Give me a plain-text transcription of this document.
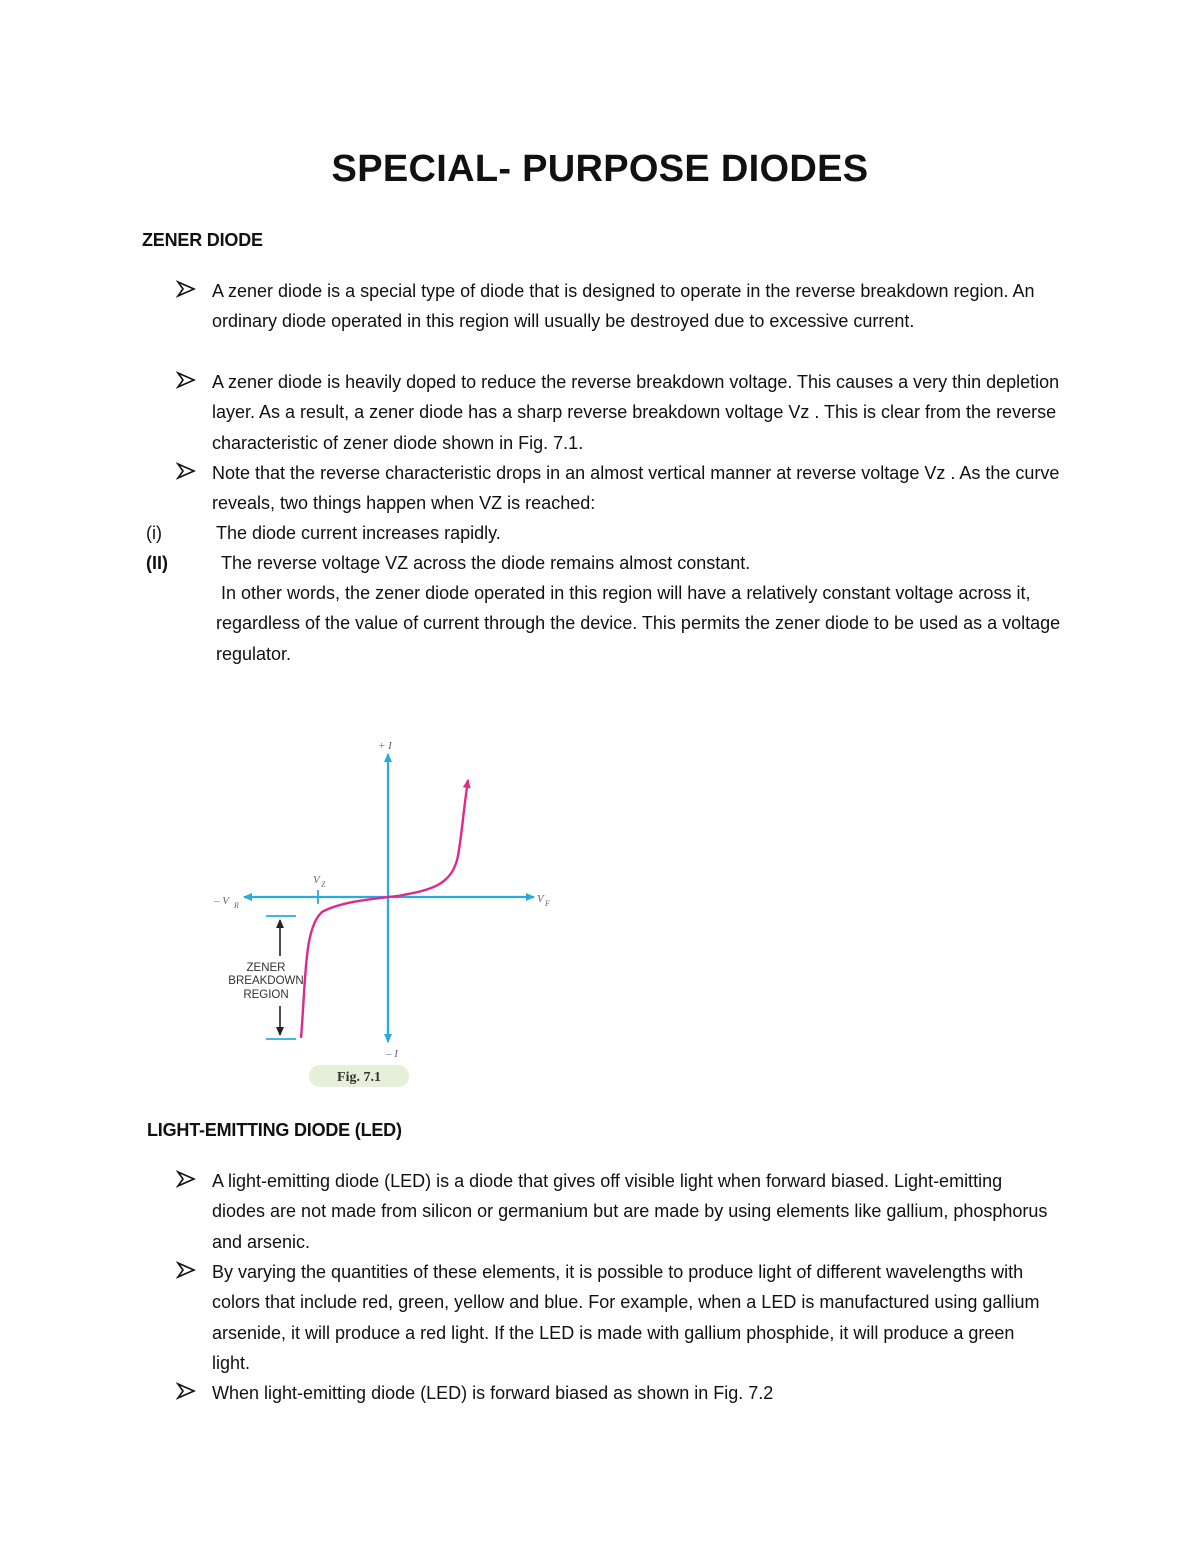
SPECIAL- PURPOSE DIODES
ZENER DIODE
A zener diode is a special type of diode that is designed to operate in the reverse breakdown region. An ordinary diode operated in this region will usually be destroyed due to excessive current.
A zener diode is heavily doped to reduce the reverse breakdown voltage. This causes a very thin depletion layer. As a result, a zener diode has a sharp reverse breakdown voltage Vᴢ . This is clear from the reverse characteristic of zener diode shown in Fig. 7.1.
Note that the reverse characteristic drops in an almost vertical manner at reverse voltage Vᴢ . As the curve reveals, two things happen when VZ is reached:
(i)	The diode current increases rapidly.
(II)	The reverse voltage VZ across the diode remains almost constant.
In other words, the zener diode operated in this region will have a relatively constant voltage across it, regardless of the value of current through the device. This permits the zener diode to be used as a voltage regulator.
ZENER
BREAKDOWN
REGION
+ I
– I
– V R
V F
V Z
Fig. 7.1
LIGHT-EMITTING DIODE (LED)
A light-emitting diode (LED) is a diode that gives off visible light when forward biased. Light-emitting diodes are not made from silicon or germanium but are made by using elements like gallium, phosphorus and arsenic.
By varying the quantities of these elements, it is possible to produce light of different wavelengths with colors that include red, green, yellow and blue. For example, when a LED is manufactured using gallium arsenide, it will produce a red light. If the LED is made with gallium phosphide, it will produce a green light.
When light-emitting diode (LED) is forward biased as shown in Fig. 7.2
